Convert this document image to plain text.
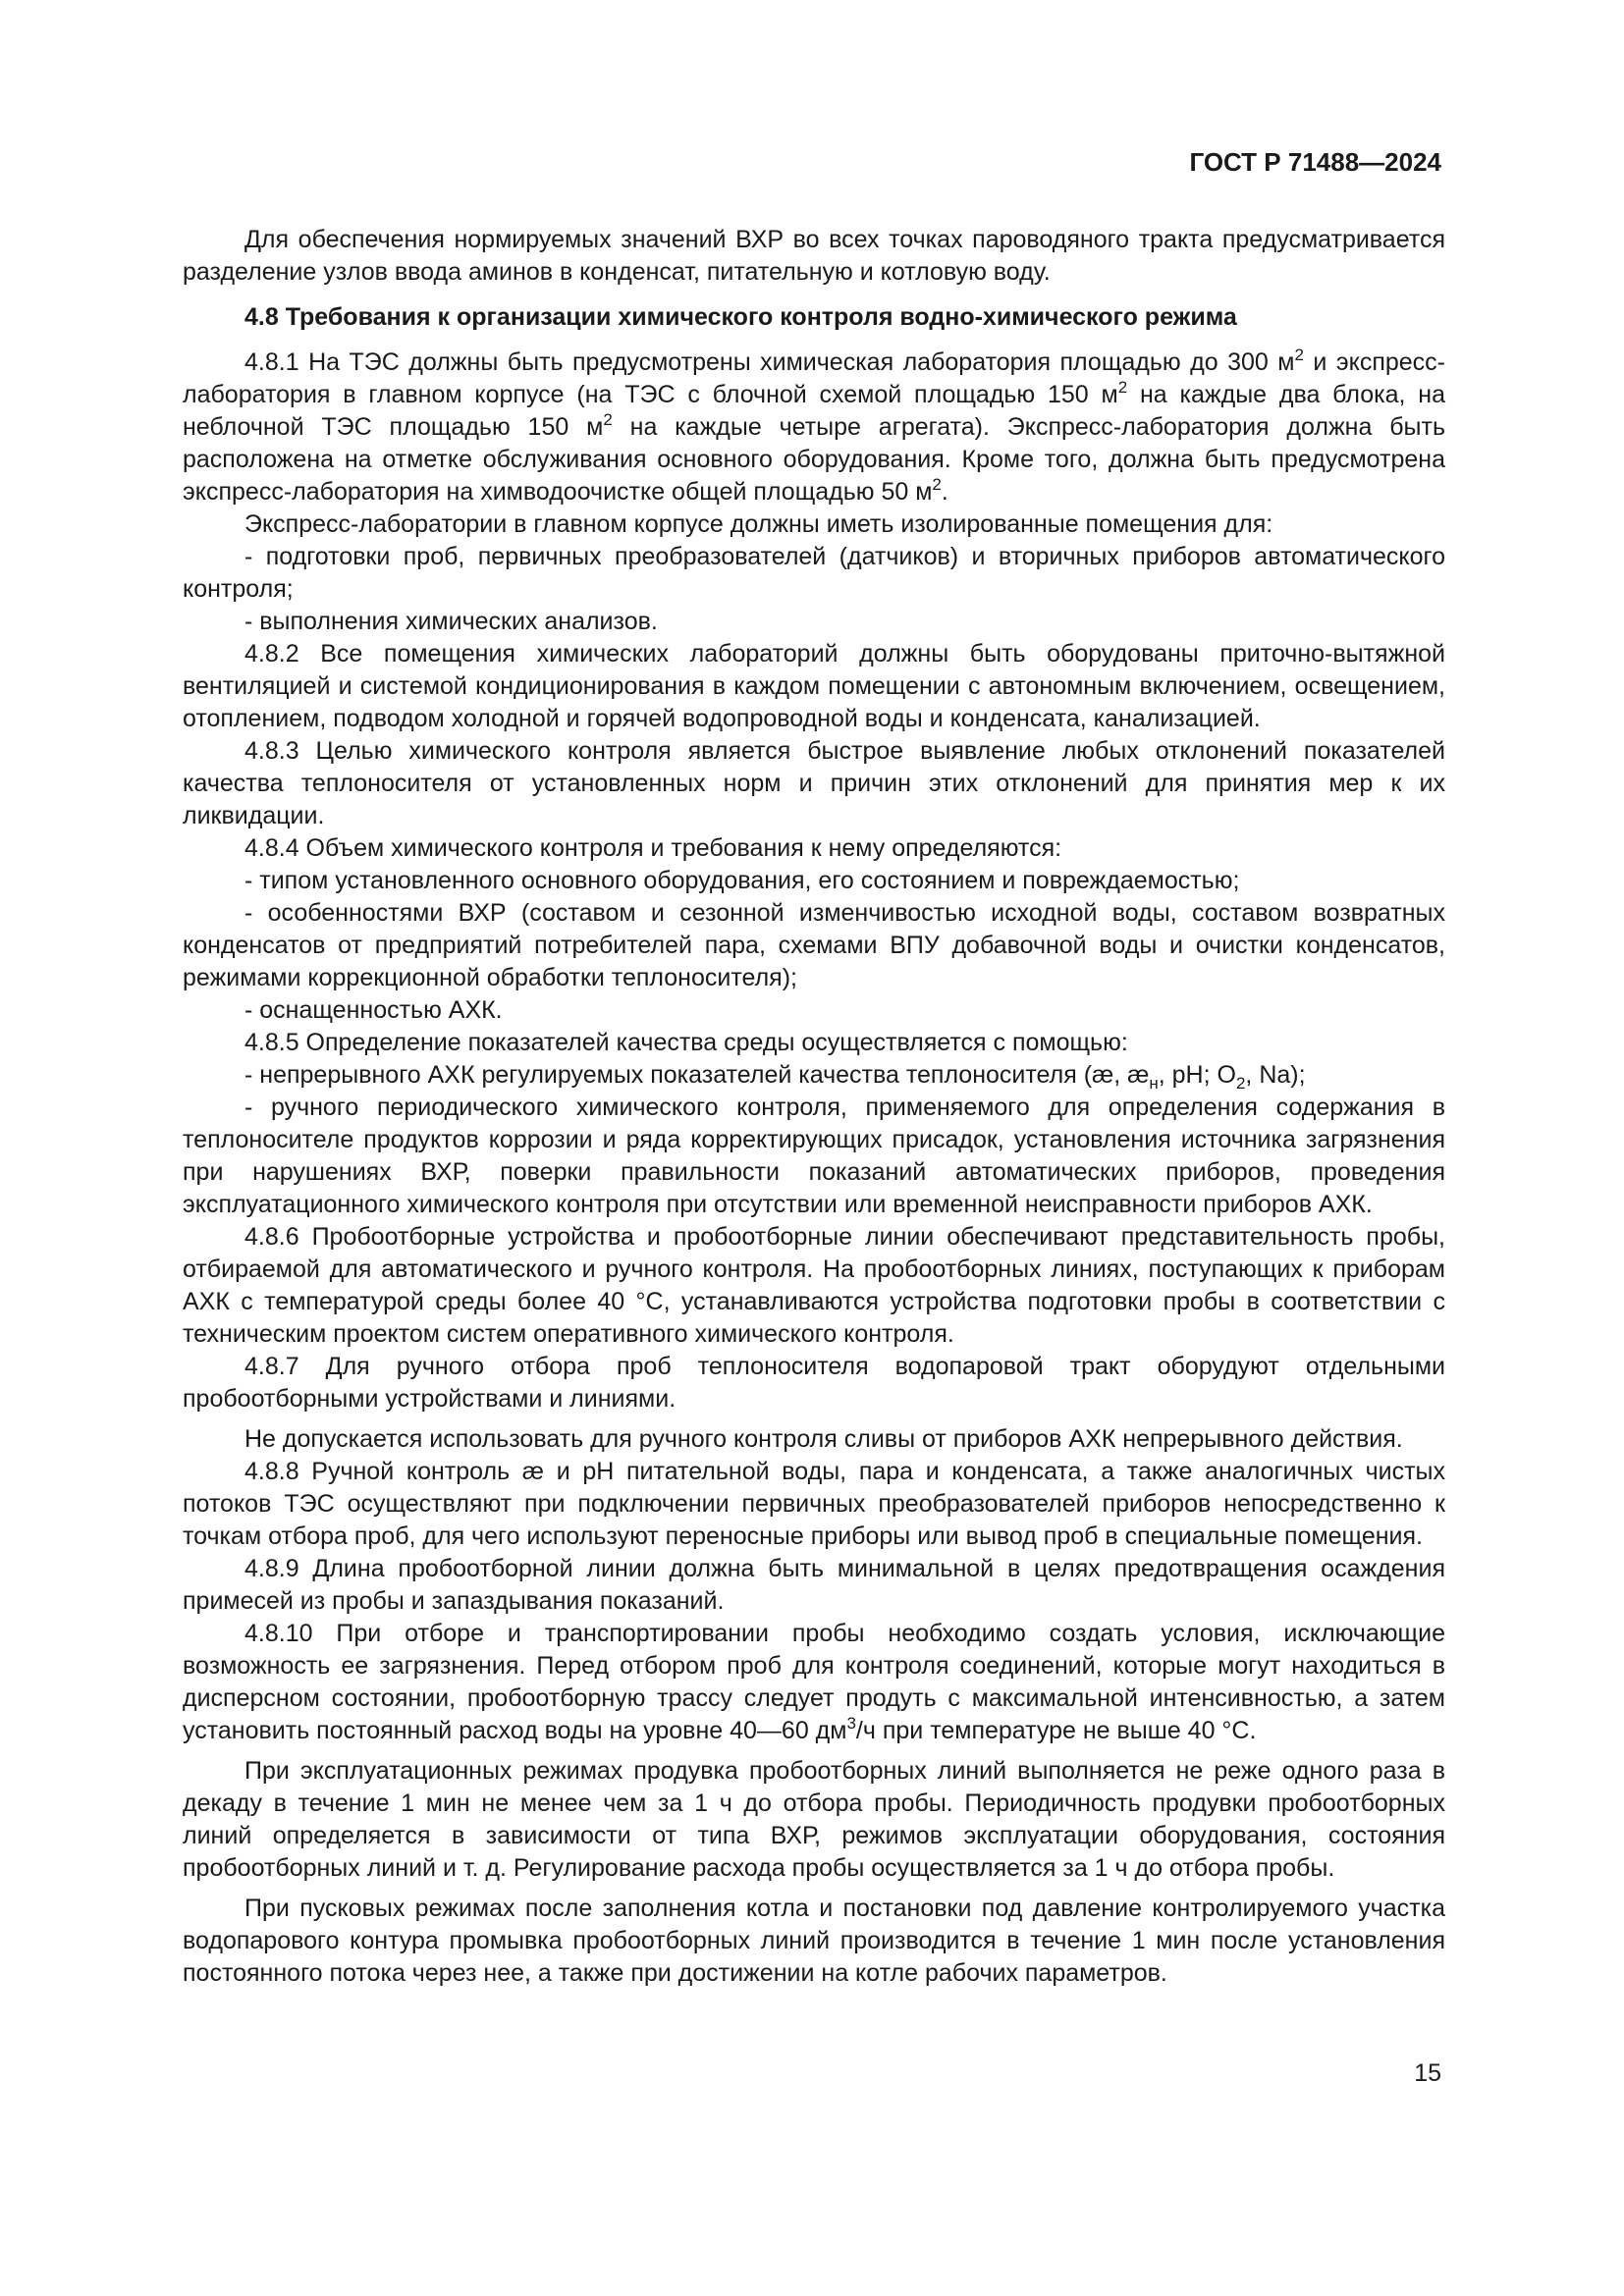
ГОСТ Р 71488—2024

Для обеспечения нормируемых значений ВХР во всех точках пароводяного тракта предусматривается разделение узлов ввода аминов в конденсат, питательную и котловую воду.

4.8 Требования к организации химического контроля водно-химического режима

4.8.1 На ТЭС должны быть предусмотрены химическая лаборатория площадью до 300 $м^2$ и экспресс-лаборатория в главном корпусе (на ТЭС с блочной схемой площадью 150 $м^2$ на каждые два блока, на неблочной ТЭС площадью 150 $м^2$ на каждые четыре агрегата). Экспресс-лаборатория должна быть расположена на отметке обслуживания основного оборудования. Кроме того, должна быть предусмотрена экспресс-лаборатория на химводоочистке общей площадью 50 $м^2$.

Экспресс-лаборатории в главном корпусе должны иметь изолированные помещения для:

- подготовки проб, первичных преобразователей (датчиков) и вторичных приборов автоматического контроля;

- выполнения химических анализов.

4.8.2 Все помещения химических лабораторий должны быть оборудованы приточно-вытяжной вентиляцией и системой кондиционирования в каждом помещении с автономным включением, освещением, отоплением, подводом холодной и горячей водопроводной воды и конденсата, канализацией.

4.8.3 Целью химического контроля является быстрое выявление любых отклонений показателей качества теплоносителя от установленных норм и причин этих отклонений для принятия мер к их ликвидации.

4.8.4 Объем химического контроля и требования к нему определяются:

- типом установленного основного оборудования, его состоянием и повреждаемостью;

- особенностями ВХР (составом и сезонной изменчивостью исходной воды, составом возвратных конденсатов от предприятий потребителей пара, схемами ВПУ добавочной воды и очистки конденсатов, режимами коррекционной обработки теплоносителя);

- оснащенностью АХК.

4.8.5 Определение показателей качества среды осуществляется с помощью:

- непрерывного АХК регулируемых показателей качества теплоносителя (æ, $æ_н$, pH; $O_2$, Na);

- ручного периодического химического контроля, применяемого для определения содержания в теплоносителе продуктов коррозии и ряда корректирующих присадок, установления источника загрязнения при нарушениях ВХР, поверки правильности показаний автоматических приборов, проведения эксплуатационного химического контроля при отсутствии или временной неисправности приборов АХК.

4.8.6 Пробоотборные устройства и пробоотборные линии обеспечивают представительность пробы, отбираемой для автоматического и ручного контроля. На пробоотборных линиях, поступающих к приборам АХК с температурой среды более 40 °С, устанавливаются устройства подготовки пробы в соответствии с техническим проектом систем оперативного химического контроля.

4.8.7 Для ручного отбора проб теплоносителя водопаровой тракт оборудуют отдельными пробоотборными устройствами и линиями.

Не допускается использовать для ручного контроля сливы от приборов АХК непрерывного действия.

4.8.8 Ручной контроль æ и pH питательной воды, пара и конденсата, а также аналогичных чистых потоков ТЭС осуществляют при подключении первичных преобразователей приборов непосредственно к точкам отбора проб, для чего используют переносные приборы или вывод проб в специальные помещения.

4.8.9 Длина пробоотборной линии должна быть минимальной в целях предотвращения осаждения примесей из пробы и запаздывания показаний.

4.8.10 При отборе и транспортировании пробы необходимо создать условия, исключающие возможность ее загрязнения. Перед отбором проб для контроля соединений, которые могут находиться в дисперсном состоянии, пробоотборную трассу следует продуть с максимальной интенсивностью, а затем установить постоянный расход воды на уровне 40—60 $дм^3/ч$ при температуре не выше 40 °С.

При эксплуатационных режимах продувка пробоотборных линий выполняется не реже одного раза в декаду в течение 1 мин не менее чем за 1 ч до отбора пробы. Периодичность продувки пробоотборных линий определяется в зависимости от типа ВХР, режимов эксплуатации оборудования, состояния пробоотборных линий и т. д. Регулирование расхода пробы осуществляется за 1 ч до отбора пробы.

При пусковых режимах после заполнения котла и постановки под давление контролируемого участка водопарового контура промывка пробоотборных линий производится в течение 1 мин после установления постоянного потока через нее, а также при достижении на котле рабочих параметров.

15
